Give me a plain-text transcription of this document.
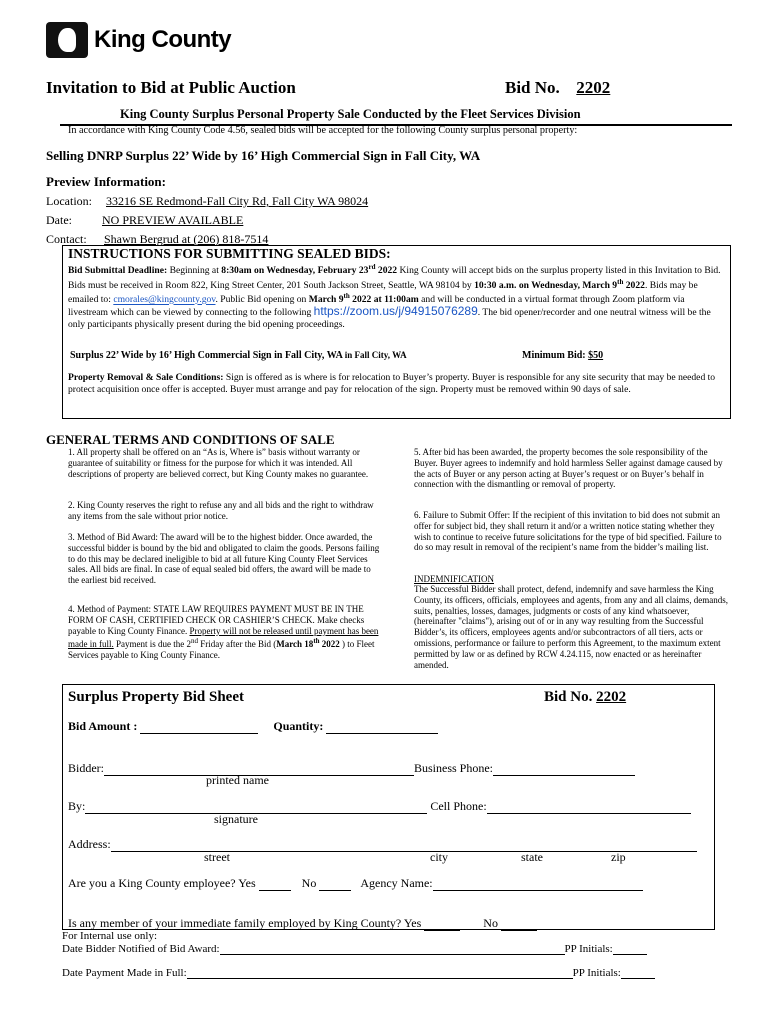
King County
Invitation to Bid at Public Auction	Bid No. 2202
King County Surplus Personal Property Sale Conducted by the Fleet Services Division
In accordance with King County Code 4.56, sealed bids will be accepted for the following County surplus personal property:
Selling DNRP Surplus 22’ Wide by 16’ High Commercial Sign in Fall City, WA
Preview Information:
Location: 33216 SE Redmond-Fall City Rd, Fall City WA 98024
Date:	NO PREVIEW AVAILABLE
Contact: Shawn Bergrud at (206) 818-7514
INSTRUCTIONS FOR SUBMITTING SEALED BIDS:
Bid Submittal Deadline: Beginning at 8:30am on Wednesday, February 23rd 2022 King County will accept bids on the surplus property listed in this Invitation to Bid. Bids must be received in Room 822, King Street Center, 201 South Jackson Street, Seattle, WA 98104 by 10:30 a.m. on Wednesday, March 9th 2022. Bids may be emailed to: cmorales@kingcounty.gov. Public Bid opening on March 9th 2022 at 11:00am and will be conducted in a virtual format through Zoom platform via livestream which can be viewed by connecting to the following https://zoom.us/j/94915076289. The bid opener/recorder and one neutral witness will be the only participants physically present during the bid opening proceedings.
Surplus 22’ Wide by 16’ High Commercial Sign in Fall City, WA in Fall City, WA	Minimum Bid: $50
Property Removal & Sale Conditions: Sign is offered as is where is for relocation to Buyer’s property. Buyer is responsible for any site security that may be needed to protect acquisition once offer is accepted. Buyer must arrange and pay for relocation of the sign. Property must be removed within 90 days of sale.
GENERAL TERMS AND CONDITIONS OF SALE
1. All property shall be offered on an “As is, Where is” basis without warranty or guarantee of suitability or fitness for the purpose for which it was intended. All descriptions of property are believed correct, but King County makes no guarantee.
2. King County reserves the right to refuse any and all bids and the right to withdraw any items from the sale without prior notice.
3. Method of Bid Award: The award will be to the highest bidder. Once awarded, the successful bidder is bound by the bid and obligated to claim the goods. Persons failing to do this may be declared ineligible to bid at all future King County Fleet Services sales. All bids are final. In case of equal sealed bid offers, the award will be made to the earliest bid received.
4. Method of Payment: STATE LAW REQUIRES PAYMENT MUST BE IN THE FORM OF CASH, CERTIFIED CHECK OR CASHIER’S CHECK. Make checks payable to King County Finance. Property will not be released until payment has been made in full. Payment is due the 2nd Friday after the Bid (March 18th 2022 ) to Fleet Services payable to King County Finance.
5. After bid has been awarded, the property becomes the sole responsibility of the Buyer. Buyer agrees to indemnify and hold harmless Seller against damage caused by the acts of Buyer or any person acting at Buyer’s request or on Buyer’s behalf in connection with the dismantling or removal of property.
6. Failure to Submit Offer: If the recipient of this invitation to bid does not submit an offer for subject bid, they shall return it and/or a written notice stating whether they wish to continue to receive future solicitations for the type of bid specified. Failure to do so may result in removal of the recipient’s name from the bidder’s mailing list.
INDEMNIFICATION
The Successful Bidder shall protect, defend, indemnify and save harmless the King County, its officers, officials, employees and agents, from any and all claims, demands, suits, penalties, losses, damages, judgments or costs of any kind whatsoever, (hereinafter "claims"), arising out of or in any way resulting from the Successful Bidder’s, its officers, employees agents and/or subcontractors of all tiers, acts or omissions, performance or failure to perform this Agreement, to the maximum extent permitted by law or as defined by RCW 4.24.115, now enacted or as hereinafter amended.
Surplus Property Bid Sheet	Bid No. 2202
Bid Amount :	Quantity:
Bidder:	Business Phone:
printed name
By:	Cell Phone:
signature
Address:
street	city	state	zip
Are you a King County employee? Yes	No	Agency Name:
Is any member of your immediate family employed by King County? Yes	No
For Internal use only:
Date Bidder Notified of Bid Award:	PP Initials:
Date Payment Made in Full:	PP Initials:
